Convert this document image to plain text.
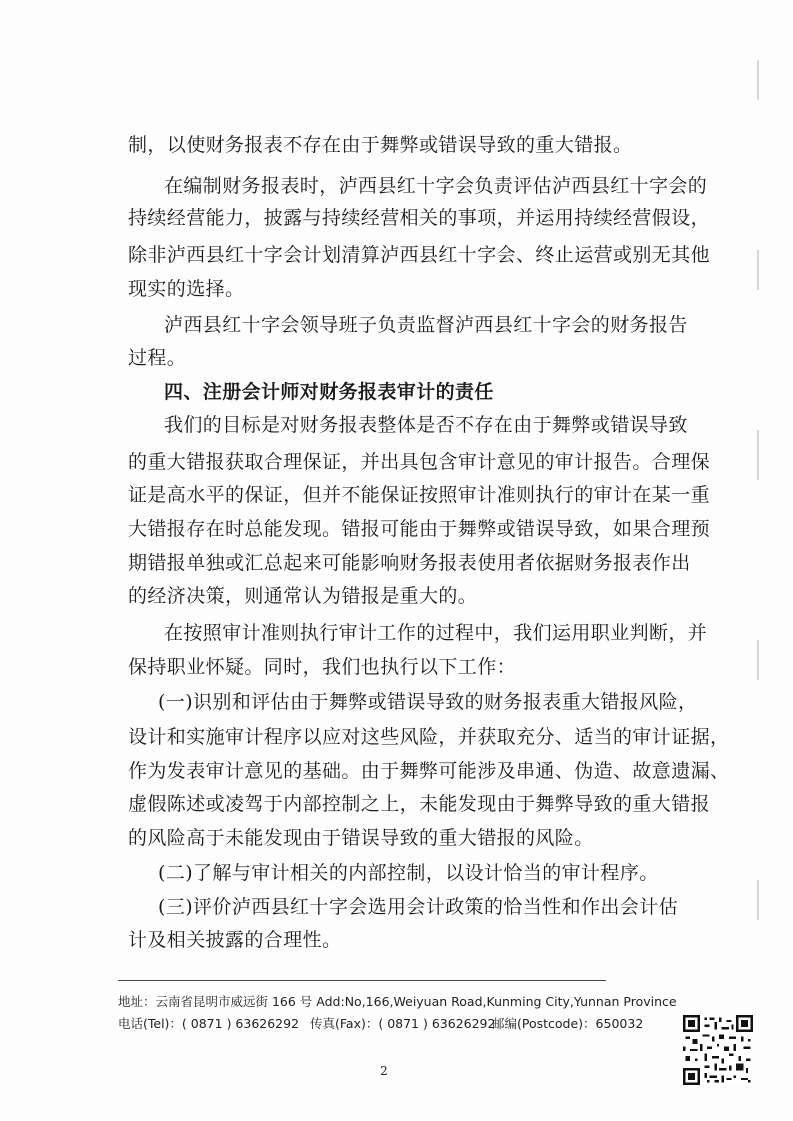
制，以使财务报表不存在由于舞弊或错误导致的重大错报。
在编制财务报表时，泸西县红十字会负责评估泸西县红十字会的
持续经营能力，披露与持续经营相关的事项，并运用持续经营假设，
除非泸西县红十字会计划清算泸西县红十字会、终止运营或别无其他
现实的选择。
泸西县红十字会领导班子负责监督泸西县红十字会的财务报告
过程。
四、注册会计师对财务报表审计的责任
我们的目标是对财务报表整体是否不存在由于舞弊或错误导致
的重大错报获取合理保证，并出具包含审计意见的审计报告。合理保
证是高水平的保证，但并不能保证按照审计准则执行的审计在某一重
大错报存在时总能发现。错报可能由于舞弊或错误导致，如果合理预
期错报单独或汇总起来可能影响财务报表使用者依据财务报表作出
的经济决策，则通常认为错报是重大的。
在按照审计准则执行审计工作的过程中，我们运用职业判断，并
保持职业怀疑。同时，我们也执行以下工作：
(一)识别和评估由于舞弊或错误导致的财务报表重大错报风险，
设计和实施审计程序以应对这些风险，并获取充分、适当的审计证据，
作为发表审计意见的基础。由于舞弊可能涉及串通、伪造、故意遗漏、
虚假陈述或凌驾于内部控制之上，未能发现由于舞弊导致的重大错报
的风险高于未能发现由于错误导致的重大错报的风险。
(二)了解与审计相关的内部控制，以设计恰当的审计程序。
(三)评价泸西县红十字会选用会计政策的恰当性和作出会计估
计及相关披露的合理性。
地址：云南省昆明市威远街 166 号 Add:No,166,Weiyuan Road,Kunming City,Yunnan Province
电话(Tel)：( 0871 ) 63626292 传真(Fax)：( 0871 ) 63626292
邮编(Postcode)：650032
2
